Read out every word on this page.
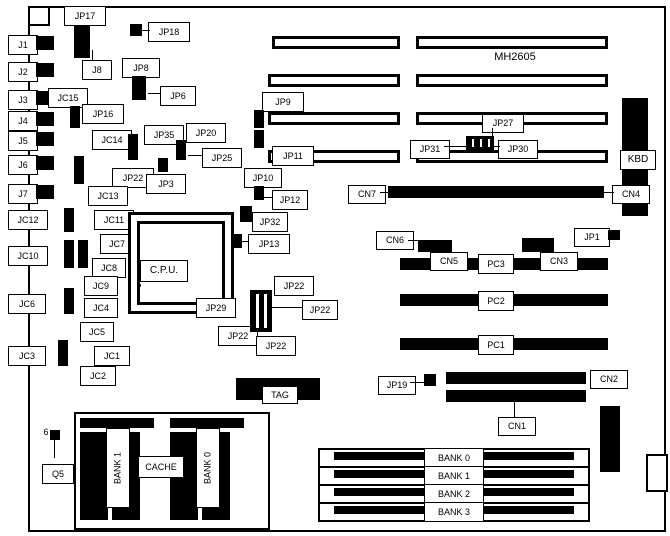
MH2605
KBD
CN7	CN4
PC3
CN6
CN5	CN3
JP1
PC2
PC1
CN2
CN1
JP19
JP27
JP31	JP30
J1
J2
J3
J4
J5
J6
J7
JP17
J8
JP18
JP8
JP6
JC15
JP16
JC14
JP22
JC13
JP35	JP20
JP25
JP3
JP9
JP11
JP10
JP12
JP32
JP13
JC12	JC11
JC10
JC7
JC8
JC9
JC6	JC4
JC5
JC3	JC1
JC2
C.P.U.
JP29
JP22
JP22
JP22
JP22
TAG
BANK 1	BANK 0
CACHE
6
Q5
BANK 0
BANK 1
BANK 2
BANK 3
